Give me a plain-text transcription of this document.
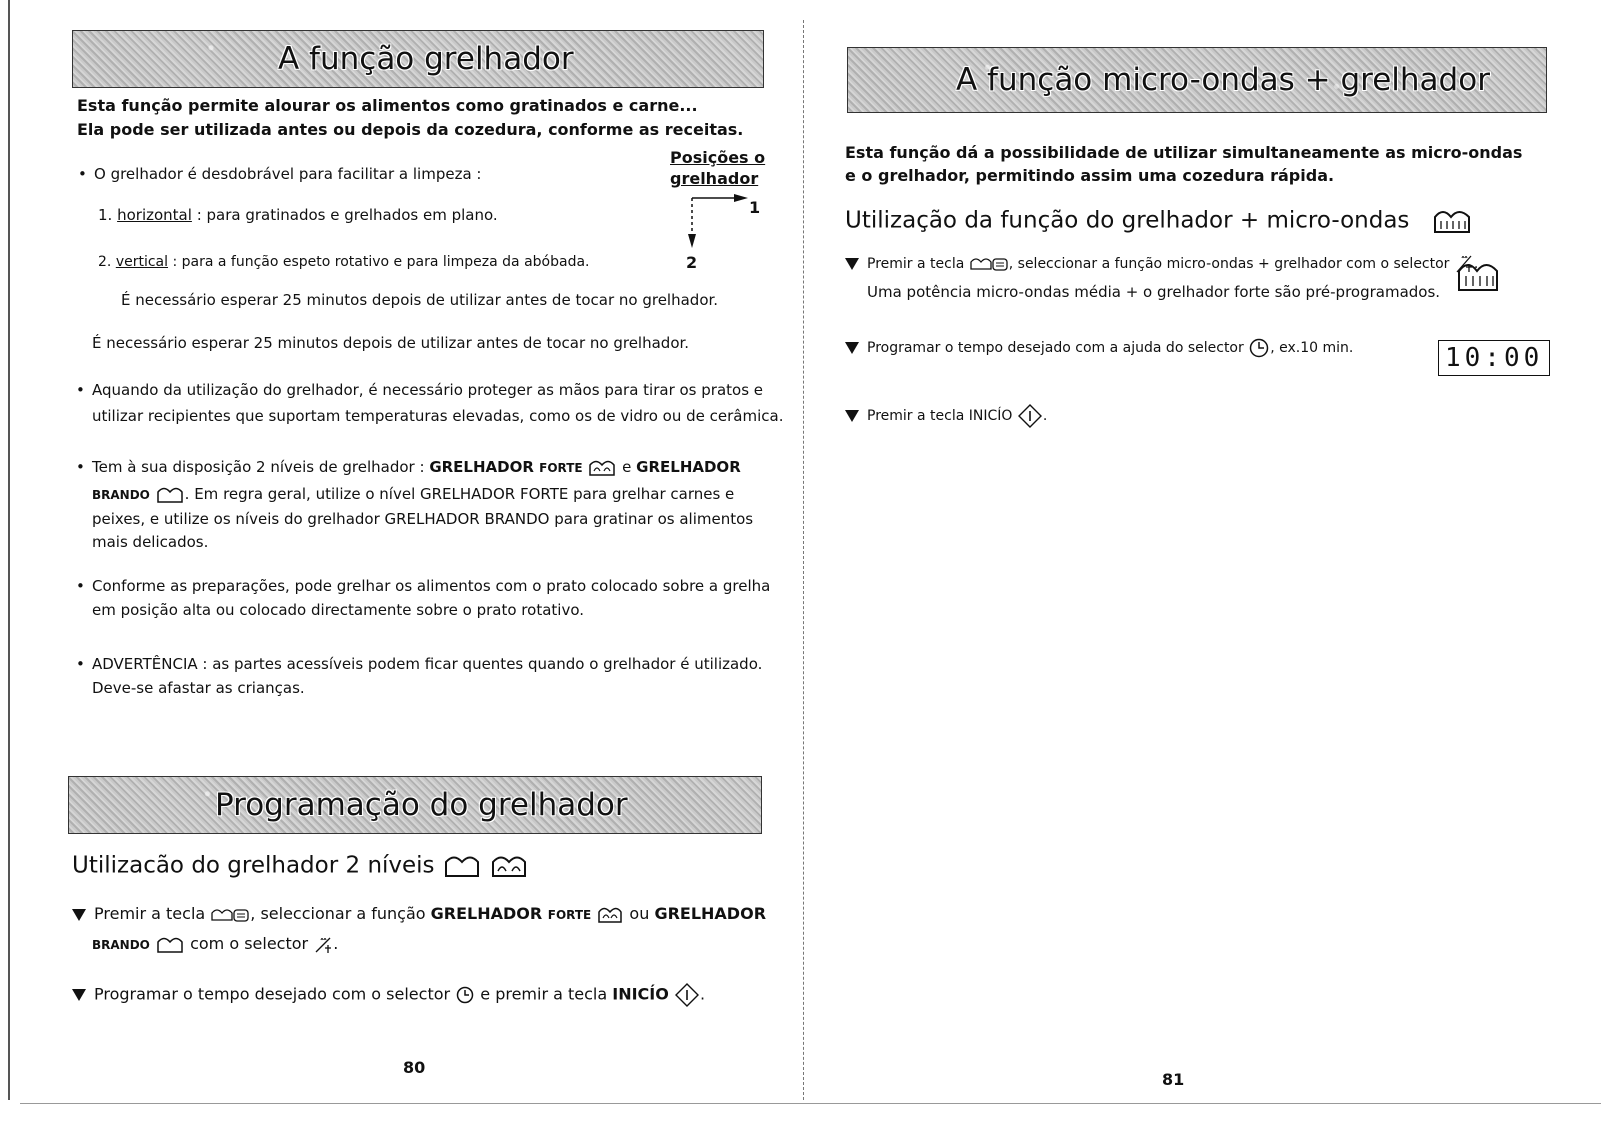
A função grelhador
Esta função permite alourar os alimentos como gratinados e carne...
Ela pode ser utilizada antes ou depois da cozedura, conforme as receitas.
Posições o
grelhador
1
2
• O grelhador é desdobrável para facilitar a limpeza :
1. horizontal : para gratinados e grelhados em plano.
2. vertical : para a função espeto rotativo e para limpeza da abóbada.
É necessário esperar 25 minutos depois de utilizar antes de tocar no grelhador.
É necessário esperar 25 minutos depois de utilizar antes de tocar no grelhador.
• Aquando da utilização do grelhador, é necessário proteger as mãos para tirar os pratos e
utilizar recipientes que suportam temperaturas elevadas, como os de vidro ou de cerâmica.
• Tem à sua disposição 2 níveis de grelhador : GRELHADOR FORTE  e GRELHADOR
BRANDO . Em regra geral, utilize o nível GRELHADOR FORTE para grelhar carnes e
peixes, e utilize os níveis do grelhador GRELHADOR BRANDO para gratinar os alimentos
mais delicados.
• Conforme as preparações, pode grelhar os alimentos com o prato colocado sobre a grelha
em posição alta ou colocado directamente sobre o prato rotativo.
• ADVERTÊNCIA : as partes acessíveis podem ficar quentes quando o grelhador é utilizado.
Deve-se afastar as crianças.
Programação do grelhador
Utilizacão do grelhador 2 níveis
Premir a tecla	, seleccionar a função GRELHADOR FORTE  ou GRELHADOR
BRANDO  com o selector .
Programar o tempo desejado com o selector  e premir a tecla INICÍO .
80
A função micro-ondas + grelhador
Esta função dá a possibilidade de utilizar simultaneamente as micro-ondas
e o grelhador, permitindo assim uma cozedura rápida.
Utilização da função do grelhador + micro-ondas
Premir a tecla	, seleccionar a função micro-ondas + grelhador com o selector .
Uma potência micro-ondas média + o grelhador forte são pré-programados.
Programar o tempo desejado com a ajuda do selector , ex.10 min.	10:00
Premir a tecla INICÍO .
81
